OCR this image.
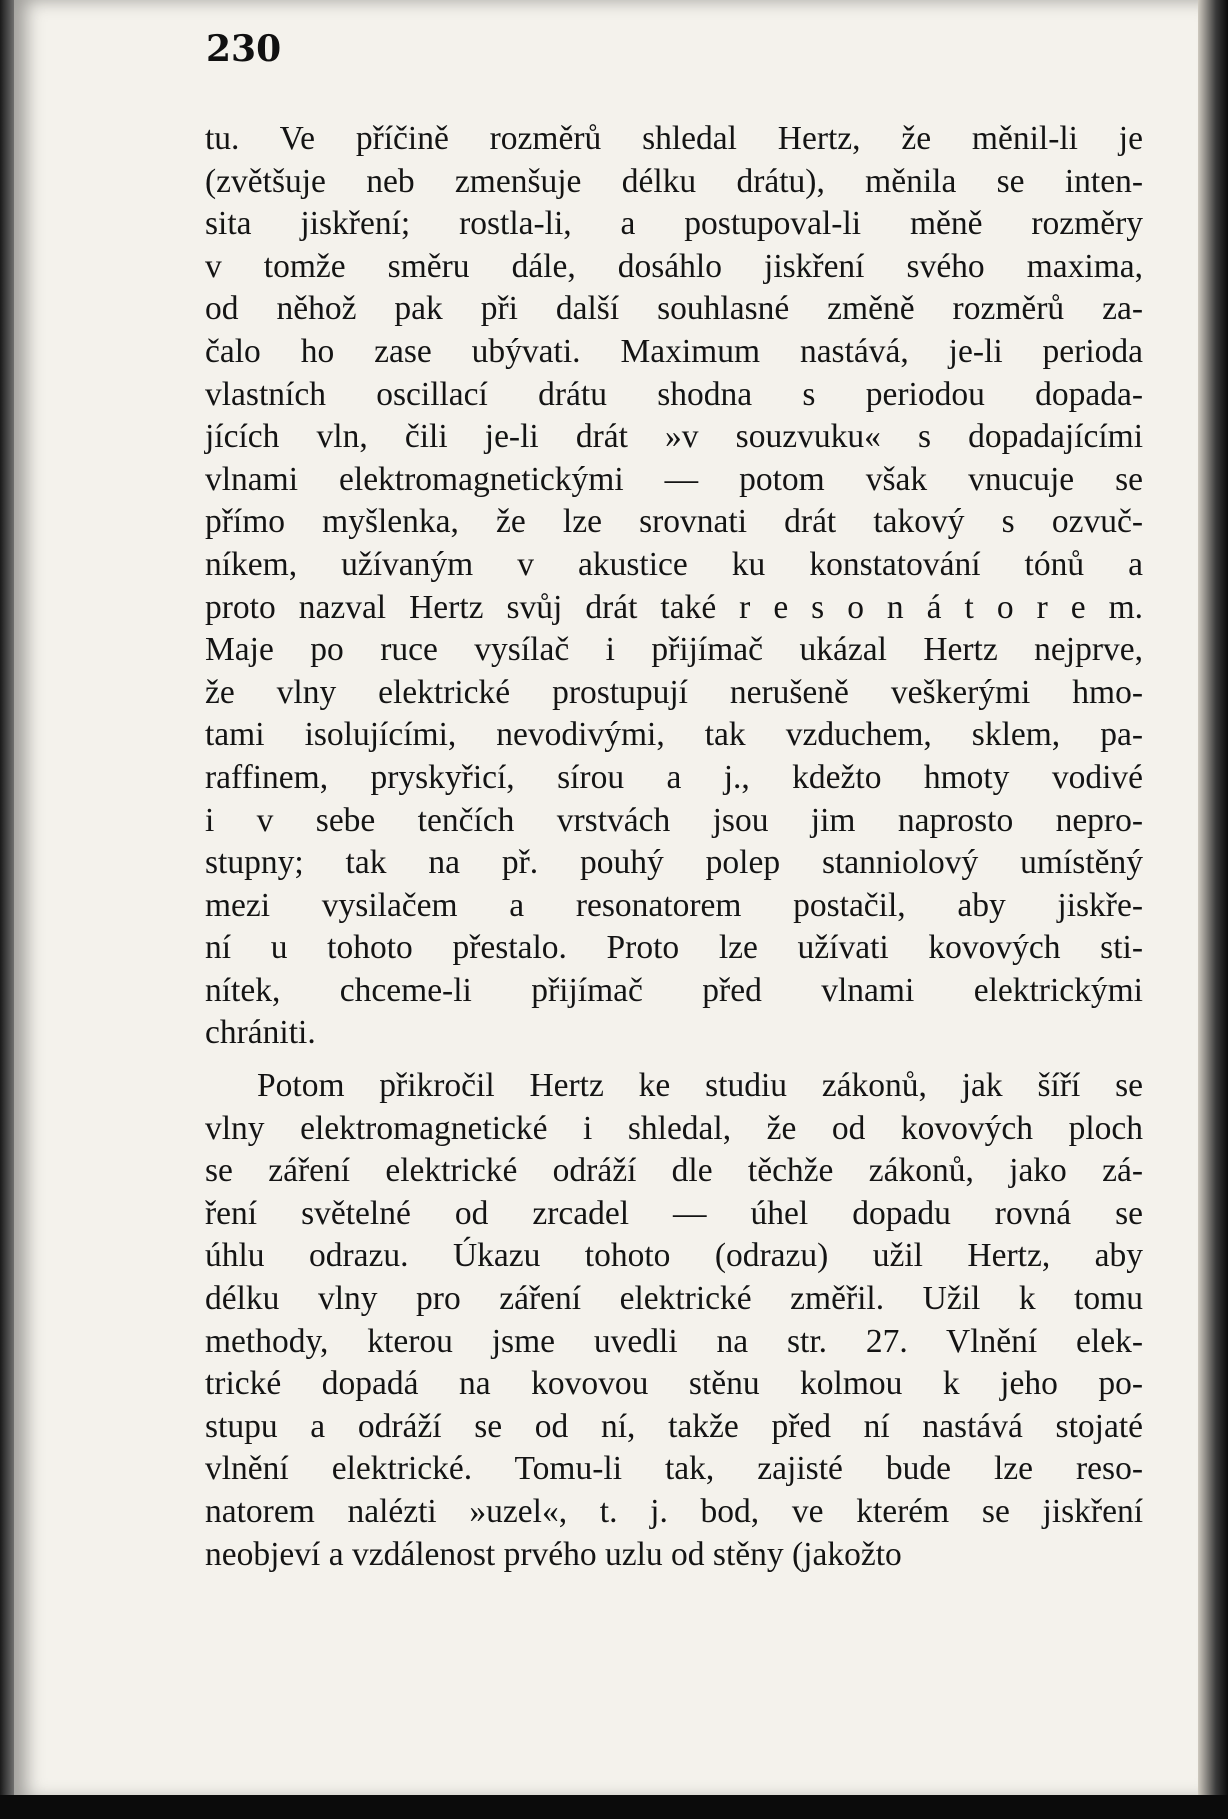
230
tu. Ve příčině rozměrů shledal Hertz, že měnil-li je
(zvětšuje neb zmenšuje délku drátu), měnila se inten-
sita jiskření; rostla-li, a postupoval-li měně rozměry
v tomže směru dále, dosáhlo jiskření svého maxima,
od něhož pak při další souhlasné změně rozměrů za-
čalo ho zase ubývati. Maximum nastává, je-li perioda
vlastních oscillací drátu shodna s periodou dopada-
jících vln, čili je-li drát »v souzvuku« s dopadajícími
vlnami elektromagnetickými — potom však vnucuje se
přímo myšlenka, že lze srovnati drát takový s ozvuč-
níkem, užívaným v akustice ku konstatování tónů a
proto nazval Hertz svůj drát také r e s o n á t o r e m.
Maje po ruce vysílač i přijímač ukázal Hertz nejprve,
že vlny elektrické prostupují nerušeně veškerými hmo-
tami isolujícími, nevodivými, tak vzduchem, sklem, pa-
raffinem, pryskyřicí, sírou a j., kdežto hmoty vodivé
i v sebe tenčích vrstvách jsou jim naprosto nepro-
stupny; tak na př. pouhý polep stanniolový umístěný
mezi vysilačem a resonatorem postačil, aby jiskře-
ní u tohoto přestalo. Proto lze užívati kovových sti-
nítek, chceme-li přijímač před vlnami elektrickými
chrániti.
Potom přikročil Hertz ke studiu zákonů, jak šíří se
vlny elektromagnetické i shledal, že od kovových ploch
se záření elektrické odráží dle těchže zákonů, jako zá-
ření světelné od zrcadel — úhel dopadu rovná se
úhlu odrazu. Úkazu tohoto (odrazu) užil Hertz, aby
délku vlny pro záření elektrické změřil. Užil k tomu
methody, kterou jsme uvedli na str. 27. Vlnění elek-
trické dopadá na kovovou stěnu kolmou k jeho po-
stupu a odráží se od ní, takže před ní nastává stojaté
vlnění elektrické. Tomu-li tak, zajisté bude lze reso-
natorem nalézti »uzel«, t. j. bod, ve kterém se jiskření
neobjeví a vzdálenost prvého uzlu od stěny (jakožto
